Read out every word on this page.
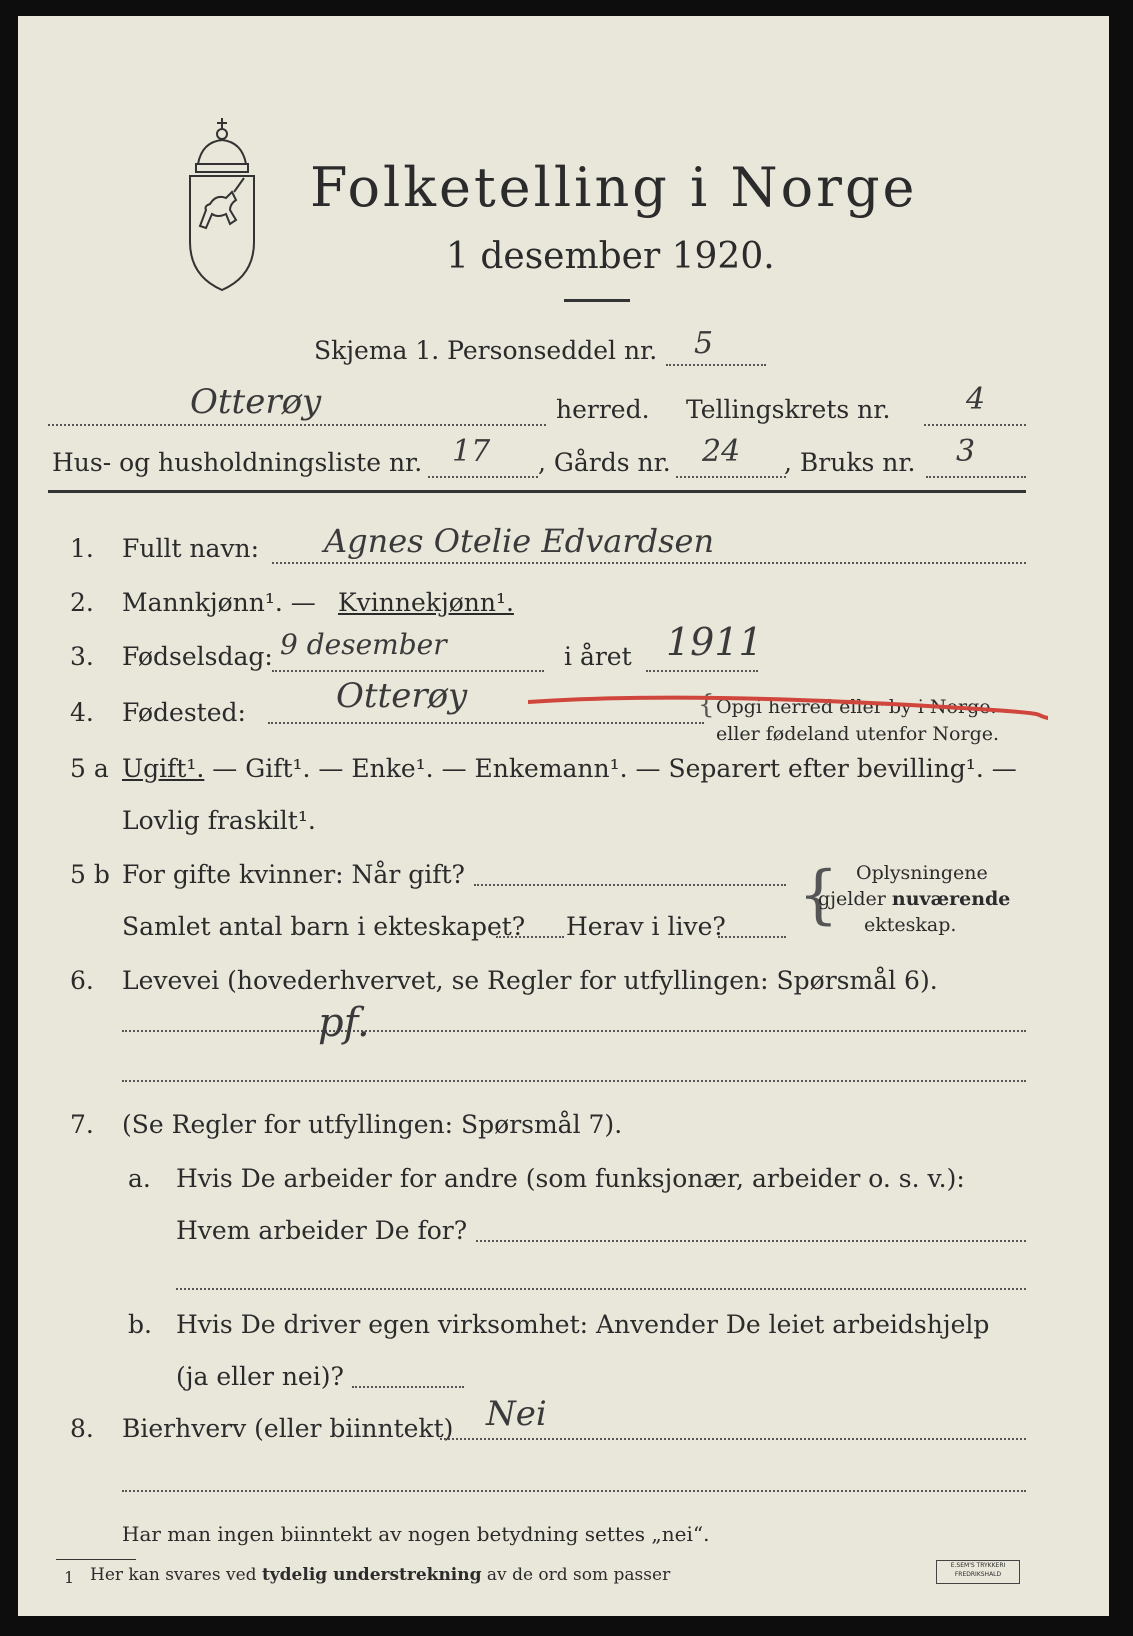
Folketelling i Norge
1 desember 1920.
Skjema 1. Personseddel nr. 5
Otterøy	herred. Tellingskrets nr.	4
Hus- og husholdningsliste nr. 17 , Gårds nr. 24 , Bruks nr. 3
1. Fullt navn: Agnes Otelie Edvardsen
2. Mannkjønn¹. — Kvinnekjønn¹.
3. Fødselsdag: 9 desember	i året 1911
4. Fødested:	Otterøy	{ Opgi herred eller by i Norge.
eller fødeland utenfor Norge.
5 a Ugift¹. — Gift¹. — Enke¹. — Enkemann¹. — Separert efter bevilling¹. —
Lovlig fraskilt¹.
5 b For gifte kvinner: Når gift?
Samlet antal barn i ekteskapet? Herav i live? { Oplysningene
gjelder nuværende
ekteskap.
6. Levevei (hovederhvervet, se Regler for utfyllingen: Spørsmål 6).
pf.
7. (Se Regler for utfyllingen: Spørsmål 7).
a. Hvis De arbeider for andre (som funksjonær, arbeider o. s. v.):
Hvem arbeider De for?
b. Hvis De driver egen virksomhet: Anvender De leiet arbeidshjelp
(ja eller nei)?
8. Bierhverv (eller biinntekt) Nei
Har man ingen biinntekt av nogen betydning settes „nei“.
1 Her kan svares ved tydelig understrekning av de ord som passer	E.SEM'S TRYKKERI
FREDRIKSHALD
